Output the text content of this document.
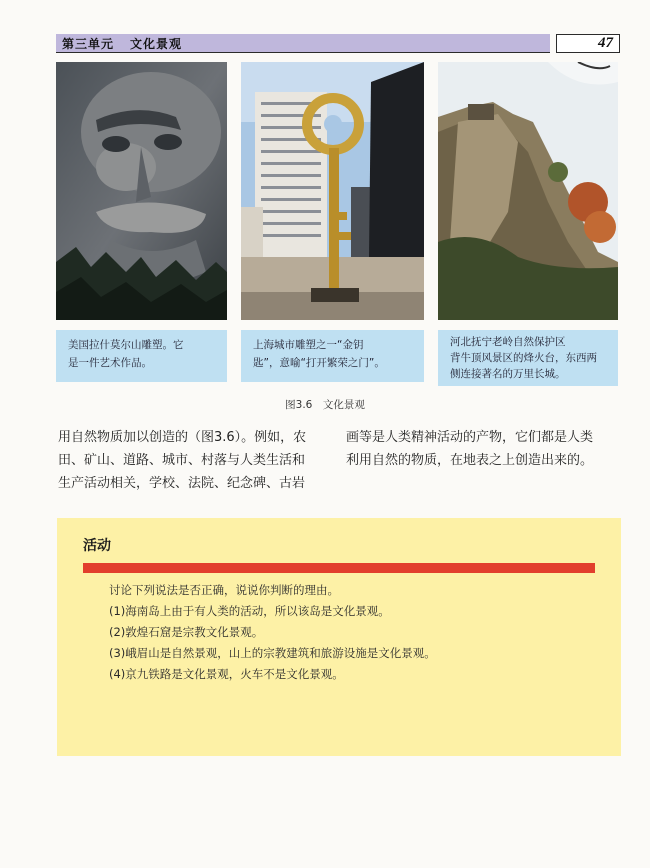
第三单元 文化景观	47
美国拉什莫尔山雕塑。它
是一件艺术作品。
上海城市雕塑之一“金钥
匙”，意喻“打开繁荣之门”。
河北抚宁老岭自然保护区
背牛顶风景区的烽火台，东西两
侧连接著名的万里长城。
图3.6　文化景观
用自然物质加以创造的（图3.6）。例如，农
田、矿山、道路、城市、村落与人类生活和
生产活动相关，学校、法院、纪念碑、古岩
画等是人类精神活动的产物，它们都是人类
利用自然的物质，在地表之上创造出来的。
活动
讨论下列说法是否正确，说说你判断的理由。
(1)海南岛上由于有人类的活动，所以该岛是文化景观。
(2)敦煌石窟是宗教文化景观。
(3)峨眉山是自然景观，山上的宗教建筑和旅游设施是文化景观。
(4)京九铁路是文化景观，火车不是文化景观。
